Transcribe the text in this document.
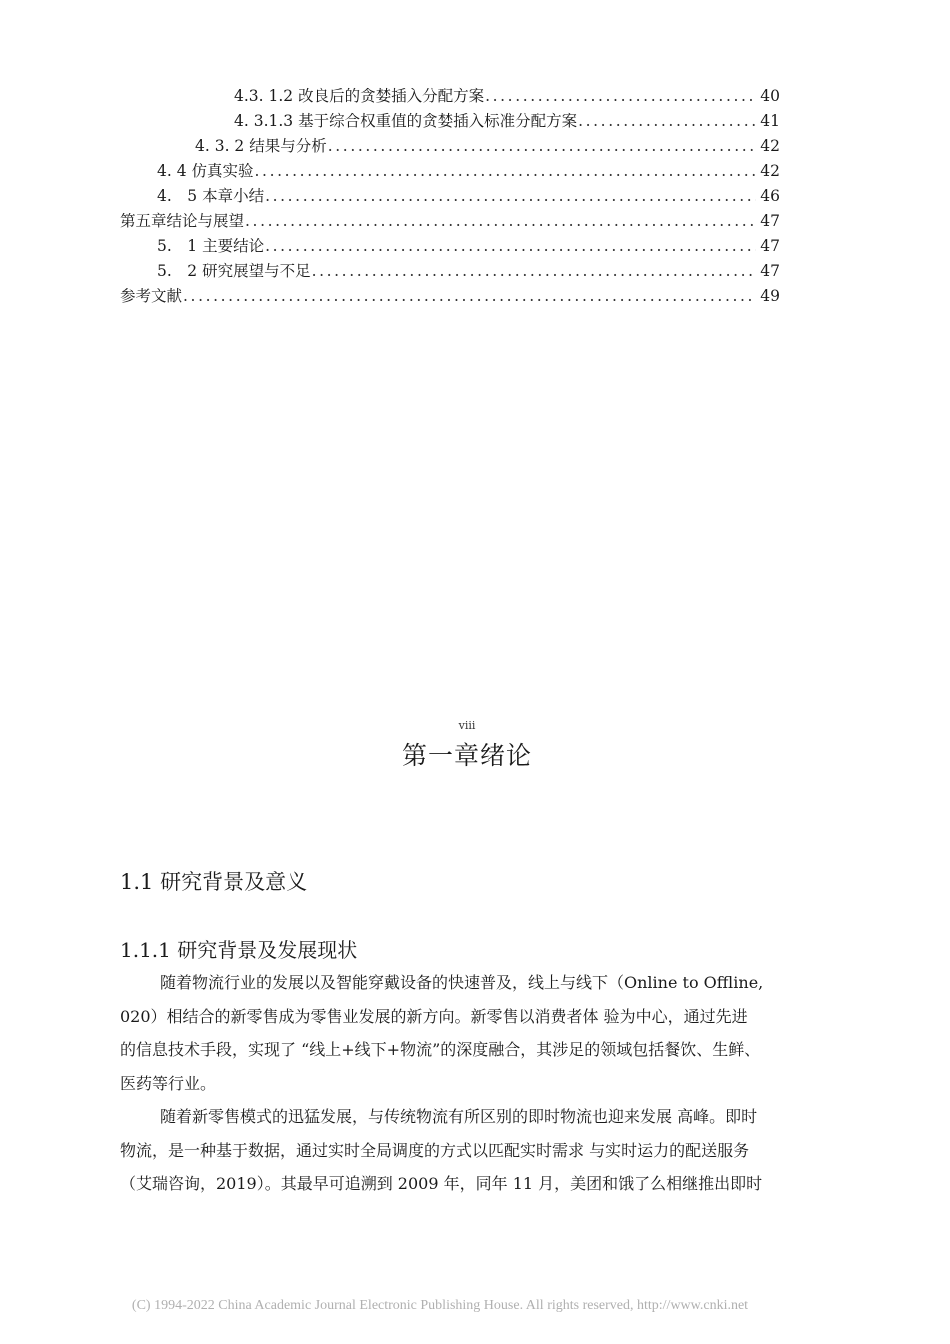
4.3. 1.2 改良后的贪婪插入分配方案 .....	40
4. 3.1.3 基于综合权重值的贪婪插入标准分配方案 .....	41
4. 3. 2 结果与分析 .....	42
4. 4 仿真实验 .....	42
4.　5 本章小结 .....	46
第五章结论与展望 .....	47
5.　1 主要结论 .....	47
5.　2 研究展望与不足 .....	47
参考文献 .....	49
viii
第一章绪论
1.1 研究背景及意义
1.1.1 研究背景及发展现状
随着物流行业的发展以及智能穿戴设备的快速普及，线上与线下（Online to Offline,
020）相结合的新零售成为零售业发展的新方向。新零售以消费者体 验为中心，通过先进
的信息技术手段，实现了 “线上+线下+物流”的深度融合，其涉足的领域包括餐饮、生鲜、
医药等行业。
随着新零售模式的迅猛发展，与传统物流有所区别的即时物流也迎来发展 高峰。即时
物流，是一种基于数据，通过实时全局调度的方式以匹配实时需求 与实时运力的配送服务
（艾瑞咨询，2019）。其最早可追溯到 2009 年，同年 11 月，美团和饿了么相继推出即时
(C) 1994-2022 China Academic Journal Electronic Publishing House. All rights reserved, http://www.cnki.net
